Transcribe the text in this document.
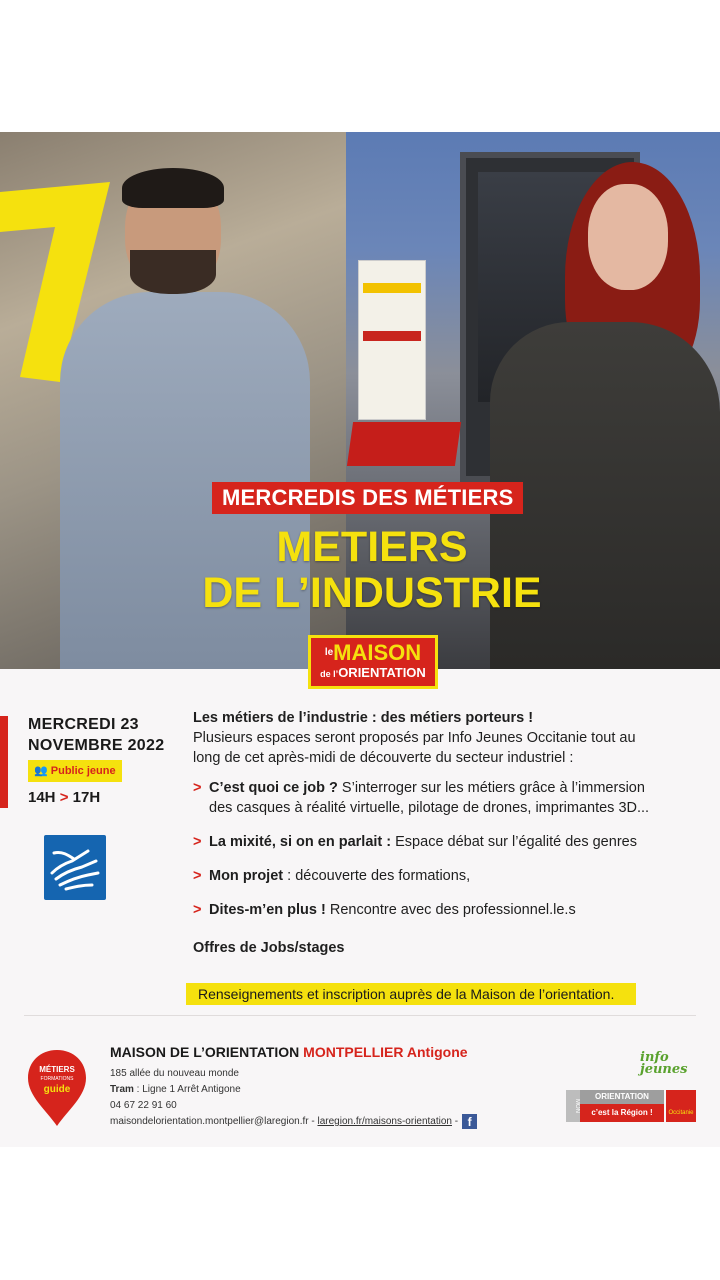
MERCREDIS DES MÉTIERS
METIERS
DE L’INDUSTRIE
$^{le}$MAISON
de l’ORIENTATION
MERCREDI 23
NOVEMBRE 2022
👥 Public jeune
14H > 17H
Les métiers de l’industrie : des métiers porteurs !
Plusieurs espaces seront proposés par Info Jeunes Occitanie tout au long de cet après-midi de découverte du secteur industriel :
> C’est quoi ce job ? S’interroger sur les métiers grâce à l’immersion des casques à réalité virtuelle, pilotage de drones, imprimantes 3D...
> La mixité, si on en parlait : Espace débat sur l’égalité des genres
> Mon projet : découverte des formations,
> Dites-m’en plus ! Rencontre avec des professionnel.le.s
Offres de Jobs/stages
Renseignements et inscription auprès de la Maison de l’orientation.
MÉTIERS
FORMATIONS
guide
MAISON DE L’ORIENTATION MONTPELLIER Antigone
185 allée du nouveau monde
Tram : Ligne 1 Arrêt Antigone
04 67 22 91 60
maisondelorientation.montpellier@laregion.fr - laregion.fr/maisons-orientation - f
info jeunes
MON
ORIENTATION
c’est la Région !	Occitanie
